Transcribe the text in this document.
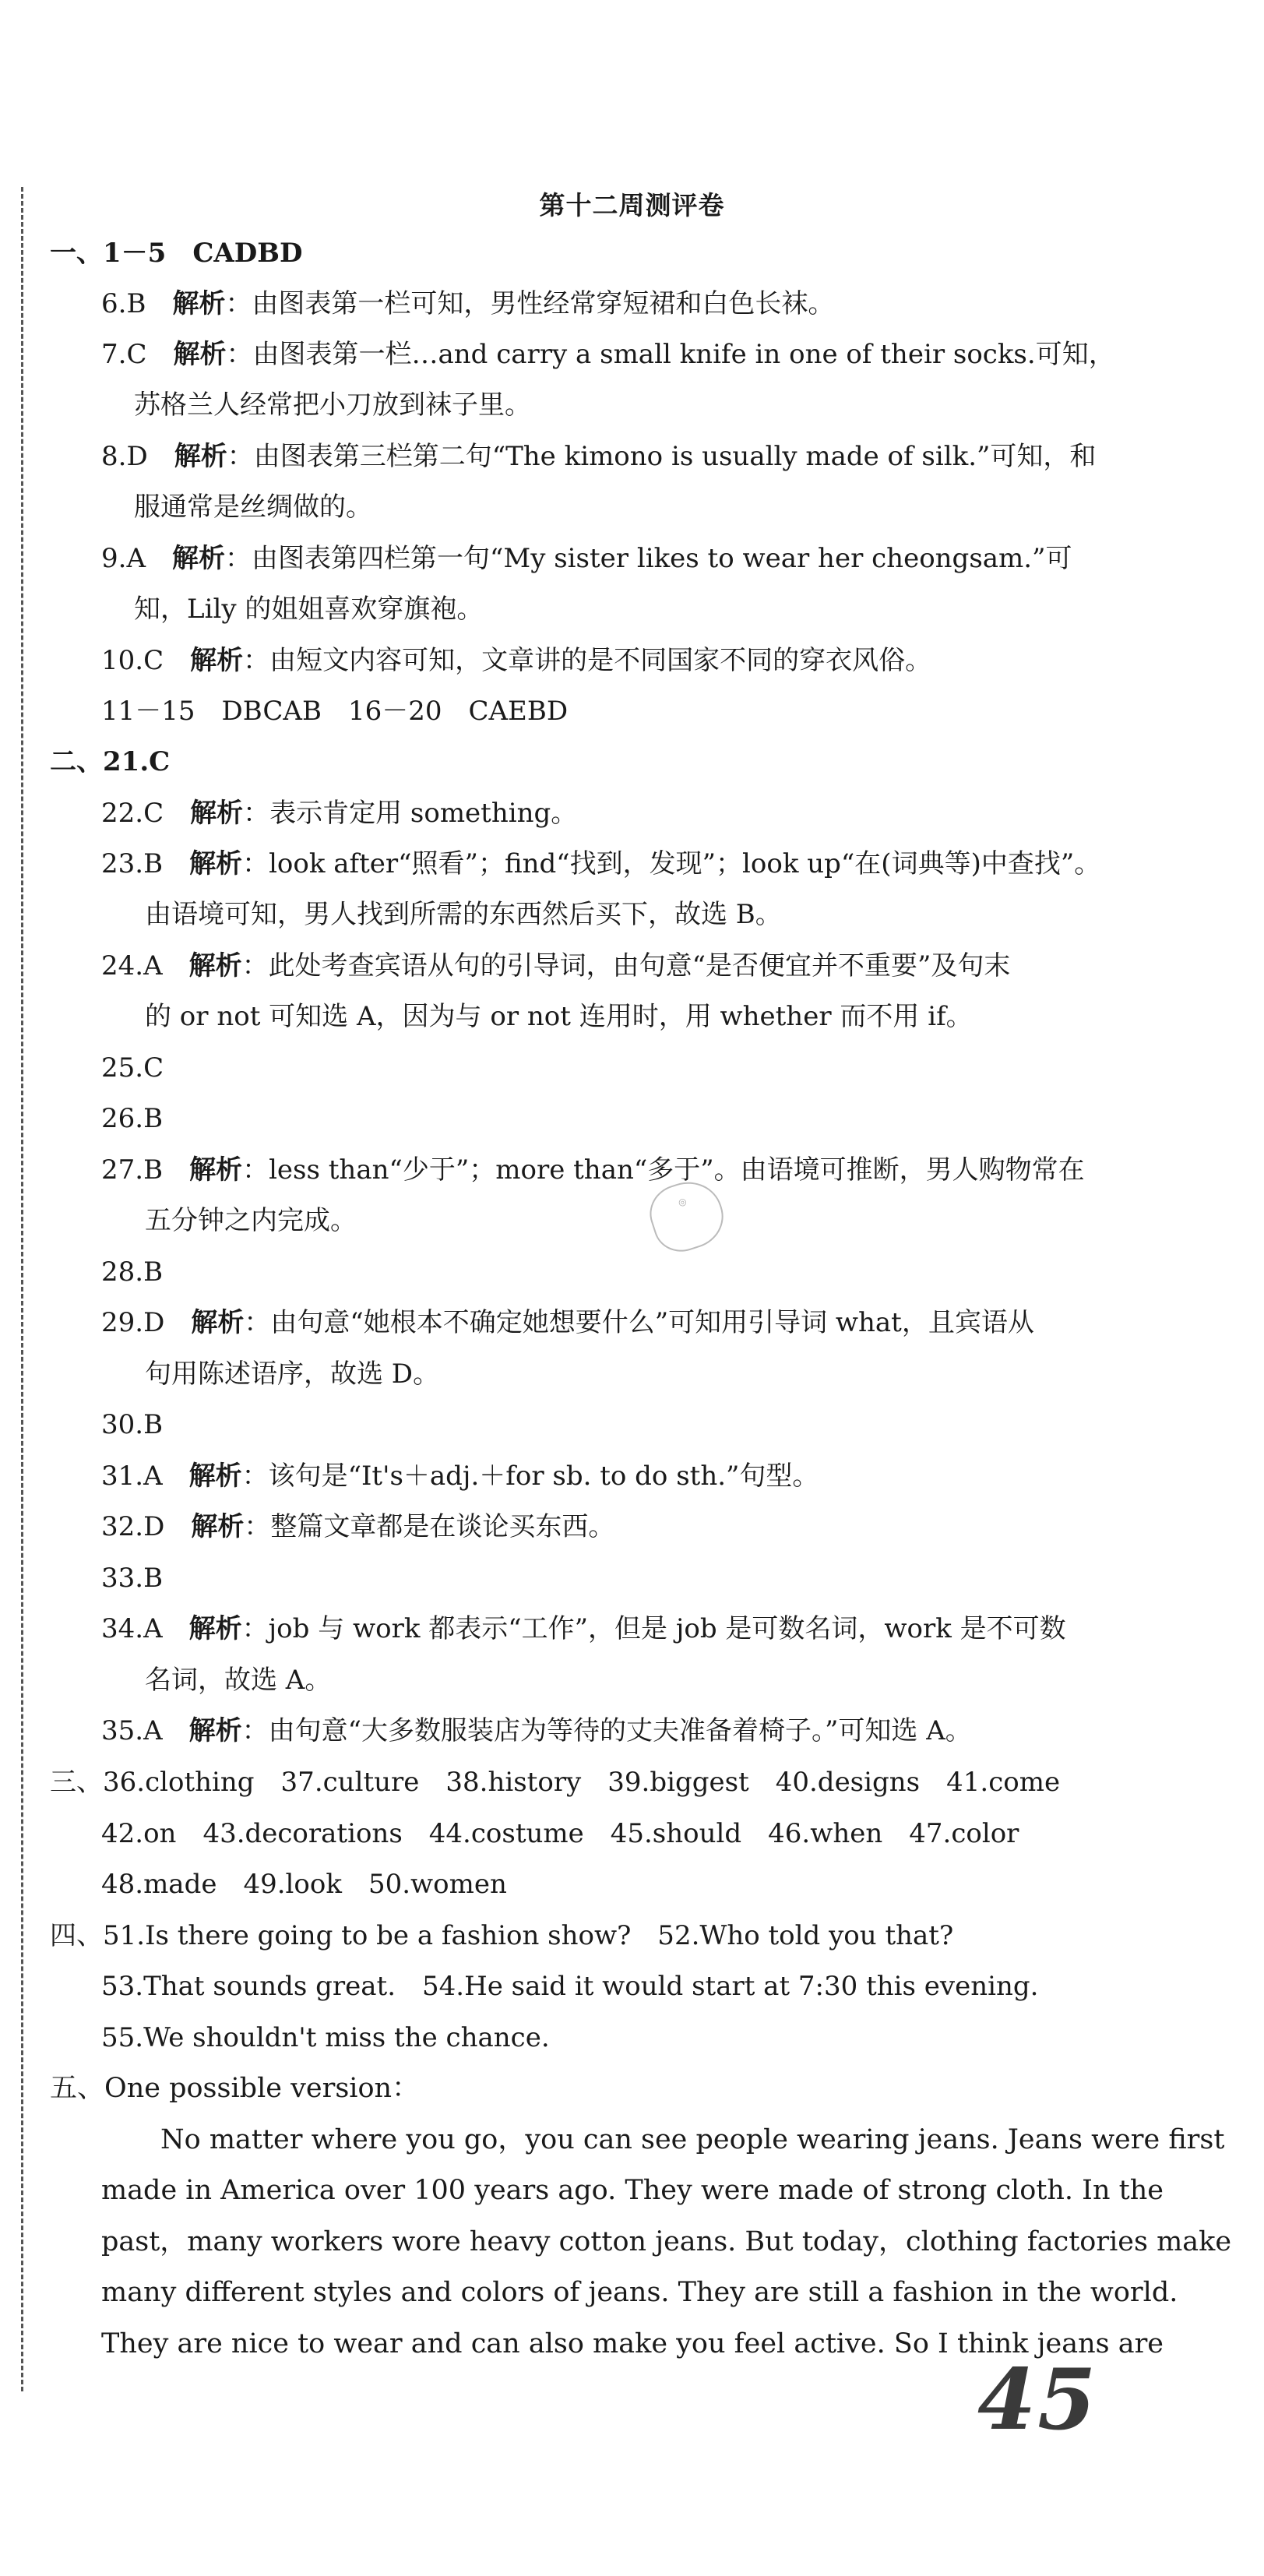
第十二周测评卷
一、1－5　CADBD
6.B　 解析：由图表第一栏可知，男性经常穿短裙和白色长袜。
7.C　 解析：由图表第一栏…and carry a small knife in one of their socks.可知，
苏格兰人经常把小刀放到袜子里。
8.D　 解析：由图表第三栏第二句“The kimono is usually made of silk.”可知，和
服通常是丝绸做的。
9.A　 解析：由图表第四栏第一句“My sister likes to wear her cheongsam.”可
知，Lily 的姐姐喜欢穿旗袍。
10.C　 解析：由短文内容可知，文章讲的是不同国家不同的穿衣风俗。
11－15　DBCAB　16－20　CAEBD
二、21.C
22.C　 解析：表示肯定用 something。
23.B　 解析：look after“照看”；find“找到，发现”；look up“在(词典等)中查找”。
由语境可知，男人找到所需的东西然后买下，故选 B。
24.A　 解析：此处考查宾语从句的引导词，由句意“是否便宜并不重要”及句末
的 or not 可知选 A，因为与 or not 连用时，用 whether 而不用 if。
25.C
26.B
27.B　 解析：less than“少于”；more than“多于”。由语境可推断，男人购物常在
五分钟之内完成。
28.B
29.D　 解析：由句意“她根本不确定她想要什么”可知用引导词 what，且宾语从
句用陈述语序，故选 D。
30.B
31.A　 解析：该句是“It's＋adj.＋for sb. to do sth.”句型。
32.D　 解析：整篇文章都是在谈论买东西。
33.B
34.A　 解析：job 与 work 都表示“工作”，但是 job 是可数名词，work 是不可数
名词，故选 A。
35.A　 解析：由句意“大多数服装店为等待的丈夫准备着椅子。”可知选 A。
三、36.clothing　37.culture　38.history　39.biggest　40.designs　41.come
42.on　43.decorations　44.costume　45.should　46.when　47.color
48.made　49.look　50.women
四、51.Is there going to be a fashion show?　52.Who told you that?
53.That sounds great.　54.He said it would start at 7:30 this evening.
55.We shouldn't miss the chance.
五、One possible version：
No matter where you go，you can see people wearing jeans. Jeans were first
made in America over 100 years ago. They were made of strong cloth. In the
past，many workers wore heavy cotton jeans. But today，clothing factories make
many different styles and colors of jeans. They are still a fashion in the world.
They are nice to wear and can also make you feel active. So I think jeans are
◎
45
